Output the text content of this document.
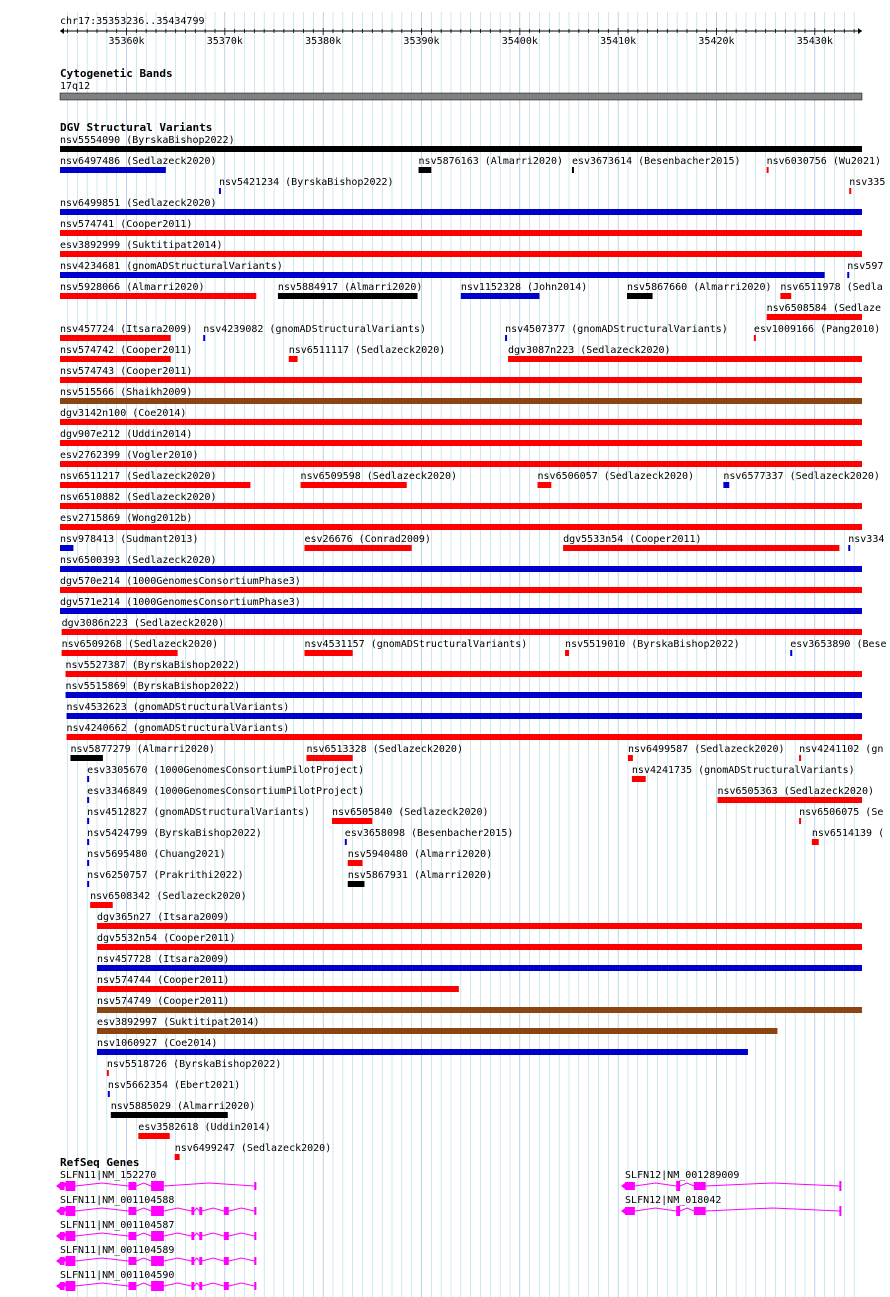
chr17:35353236..35434799
35360k	35370k	35380k	35390k	35400k	35410k	35420k	35430k
Cytogenetic Bands
17q12
DGV Structural Variants
nsv5554090 (ByrskaBishop2022)
nsv6497486 (Sedlazeck2020)
nsv5421234 (ByrskaBishop2022)
nsv5876163 (Almarri2020) esv3673614 (Besenbacher2015)	nsv6030756 (Wu2021)
nsv6499851 (Sedlazeck2020)
nsv574741 (Cooper2011)
esv3892999 (Suktitipat2014)
nsv4234681 (gnomADStructuralVariants)
nsv335
nsv5928066 (Almarri2020)	nsv5884917 (Almarri2020)	nsv1152328 (John2014)	nsv5867660 (Almarri2020)
nsv6508584 (Sedlaze
nsv457724 (Itsara2009) nsv4239082 (gnomADStructuralVariants)	nsv4507377 (gnomADStructuralVariants)	esv1009166 (Pang2010)
nsv574742 (Cooper2011)	nsv6511117 (Sedlazeck2020)	dgv3087n223 (Sedlazeck2020)
nsv574743 (Cooper2011)
nsv515566 (Shaikh2009)
dgv3142n100 (Coe2014)
dgv907e212 (Uddin2014)
esv2762399 (Vogler2010)
nsv6511217 (Sedlazeck2020)	nsv6509598 (Sedlazeck2020)	nsv6506057 (Sedlazeck2020)	nsv6577337 (Sedlazeck2020)
nsv6510882 (Sedlazeck2020)
esv2715869 (Wong2012b)
nsv978413 (Sudmant2013)	esv26676 (Conrad2009)	dgv5533n54 (Cooper2011)
nsv597
nsv6500393 (Sedlazeck2020)
dgv570e214 (1000GenomesConsortiumPhase3)
dgv571e214 (1000GenomesConsortiumPhase3)
dgv3086n223 (Sedlazeck2020)
nsv6509268 (Sedlazeck2020)	nsv4531157 (gnomADStructuralVariants)	nsv5519010 (ByrskaBishop2022)
nsv6511978 (Sedla
nsv5527387 (ByrskaBishop2022)
nsv5515869 (ByrskaBishop2022)
nsv4532623 (gnomADStructuralVariants)
nsv4240662 (gnomADStructuralVariants)
nsv5877279 (Almarri2020)	nsv6513328 (Sedlazeck2020)	nsv6499587 (Sedlazeck2020)
esv3653890 (Bese
esv3305670 (1000GenomesConsortiumPilotProject)	nsv4241735 (gnomADStructuralVariants)
esv3346849 (1000GenomesConsortiumPilotProject)	nsv6505363 (Sedlazeck2020)
nsv4512827 (gnomADStructuralVariants) nsv6505840 (Sedlazeck2020)
nsv4241102 (gn
nsv5424799 (ByrskaBishop2022)	esv3658098 (Besenbacher2015)
nsv6506075 (Se
nsv5695480 (Chuang2021)	nsv5940480 (Almarri2020)
nsv6514139 (
nsv6250757 (Prakrithi2022)	nsv5867931 (Almarri2020)
nsv334
nsv6508342 (Sedlazeck2020)
dgv365n27 (Itsara2009)
dgv5532n54 (Cooper2011)
nsv457728 (Itsara2009)
nsv574744 (Cooper2011)
nsv574749 (Cooper2011)
esv3892997 (Suktitipat2014)
nsv1060927 (Coe2014)
nsv5518726 (ByrskaBishop2022)
nsv5662354 (Ebert2021)
nsv5885029 (Almarri2020)
esv3582618 (Uddin2014)
nsv6499247 (Sedlazeck2020)
RefSeq Genes
SLFN11|NM_152270
SLFN11|NM_001104588
SLFN11|NM_001104587
SLFN11|NM_001104589
SLFN11|NM_001104590
SLFN12|NM_001289009
SLFN12|NM_018042
